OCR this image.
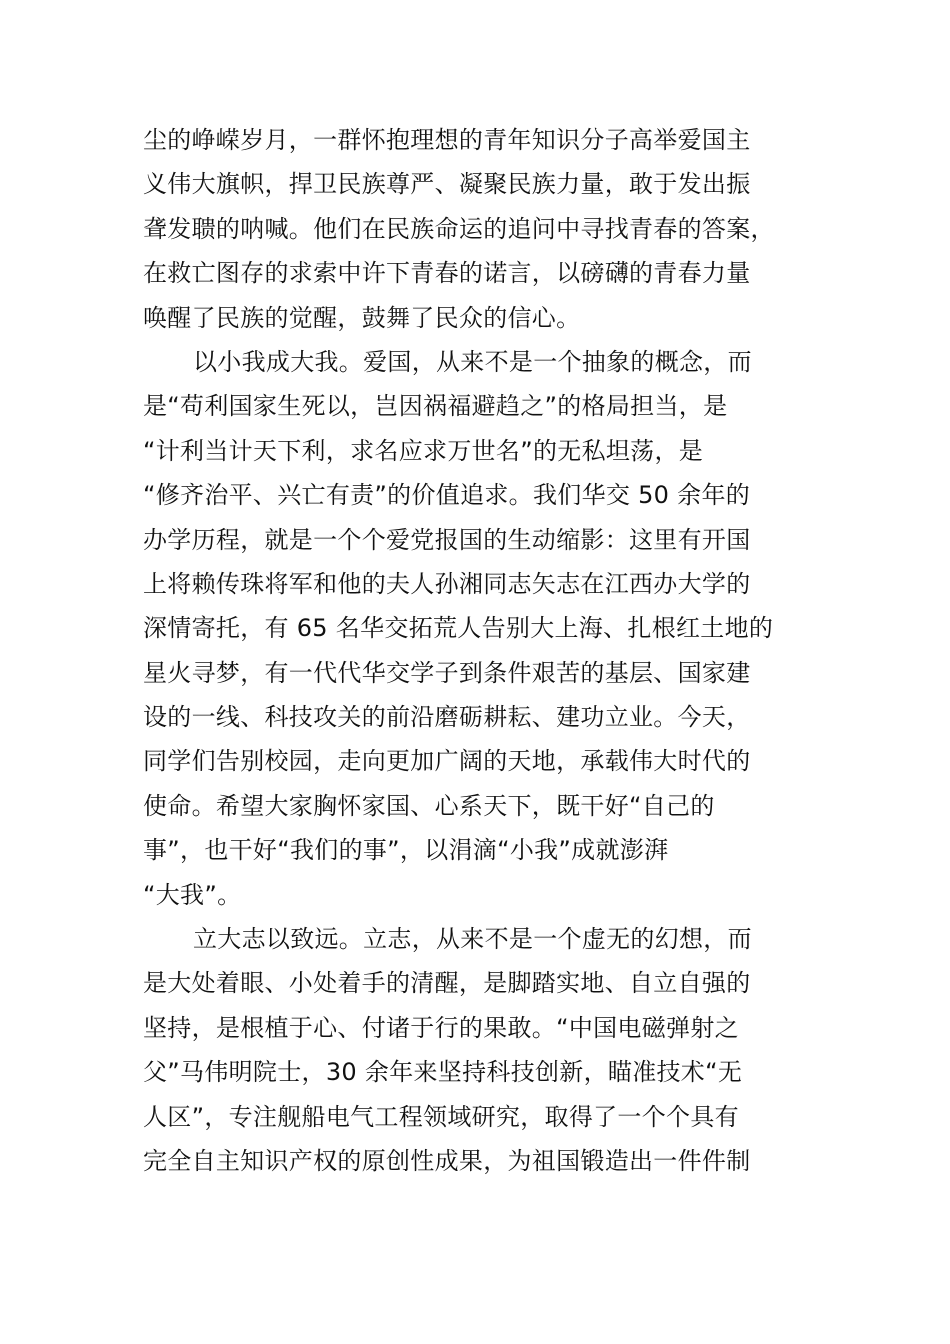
尘的峥嵘岁月，一群怀抱理想的青年知识分子高举爱国主
义伟大旗帜，捍卫民族尊严、凝聚民族力量，敢于发出振
聋发聩的呐喊。他们在民族命运的追问中寻找青春的答案，
在救亡图存的求索中许下青春的诺言，以磅礴的青春力量
唤醒了民族的觉醒，鼓舞了民众的信心。
以小我成大我。爱国，从来不是一个抽象的概念，而
是“苟利国家生死以，岂因祸福避趋之”的格局担当，是
“计利当计天下利，求名应求万世名”的无私坦荡，是
“修齐治平、兴亡有责”的价值追求。我们华交 50 余年的
办学历程，就是一个个爱党报国的生动缩影：这里有开国
上将赖传珠将军和他的夫人孙湘同志矢志在江西办大学的
深情寄托，有 65 名华交拓荒人告别大上海、扎根红土地的
星火寻梦，有一代代华交学子到条件艰苦的基层、国家建
设的一线、科技攻关的前沿磨砺耕耘、建功立业。今天，
同学们告别校园，走向更加广阔的天地，承载伟大时代的
使命。希望大家胸怀家国、心系天下，既干好“自己的
事”，也干好“我们的事”，以涓滴“小我”成就澎湃
“大我”。
立大志以致远。立志，从来不是一个虚无的幻想，而
是大处着眼、小处着手的清醒，是脚踏实地、自立自强的
坚持，是根植于心、付诸于行的果敢。“中国电磁弹射之
父”马伟明院士，30 余年来坚持科技创新，瞄准技术“无
人区”，专注舰船电气工程领域研究，取得了一个个具有
完全自主知识产权的原创性成果，为祖国锻造出一件件制
